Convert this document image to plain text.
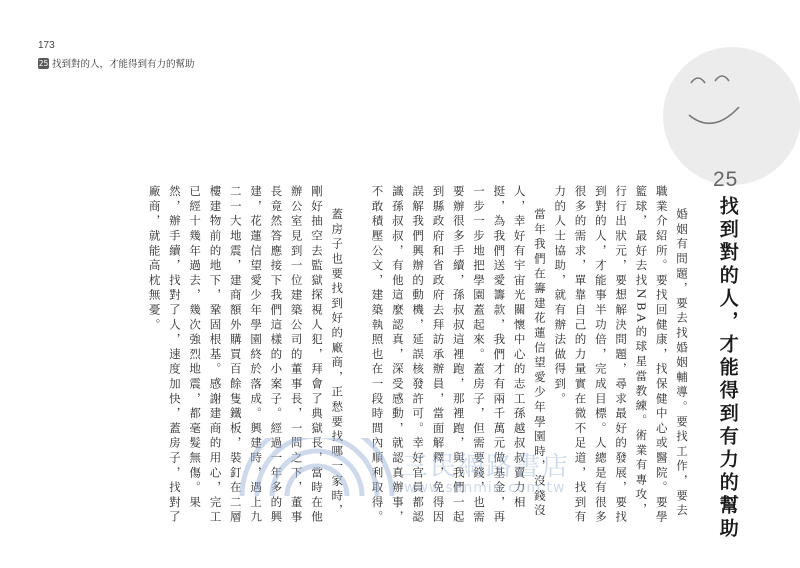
173
25 找到對的人，才能得到有力的幫助
25
找到對的人，才能得到有力的幫助

婚姻有問題，要去找婚姻輔導。要找工作，要去職業介紹所。要找回健康，找保健中心或醫院。要學籃球，最好去找NBA的球星當教練。術業有專攻，行行出狀元，要想解決問題，尋求最好的發展，要找到對的人，才能事半功倍，完成目標。人總是有很多很多的需求，單靠自己的力量實在微不足道，找到有力的人士協助，就有辦法做得到。

當年我們在籌建花蓮信望愛少年學園時，沒錢沒人，幸好有宇宙光關懷中心的志工孫越叔叔賣力相挺，為我們送愛籌款，我們才有兩千萬元做基金，再一步一步地把學園蓋起來。蓋房子，但需要錢，也需要辦很多手續，孫叔叔這裡跑，那裡跑，與我們一起到縣政府和省政府去拜訪承辦員，當面解釋，免得因誤解我們興辦的動機，延誤核發許可。幸好官員都認識孫叔叔，有他這麼認真，深受感動，就認真辦事，不敢積壓公文，建築執照也在一段時間內順利取得。

蓋房子也要找到好的廠商，正愁要找哪一家時，剛好抽空去監獄探視人犯，拜會了典獄長，當時在他辦公室見到一位建築公司的董事長，一問之下，董事長竟然答應接下我們這樣的小案子。經過一年多的興建，花蓮信望愛少年學園終於落成。興建時，遇上九二一大地震，建商額外購買百餘隻鐵板，裝釘在二層樓建物前的地下，鞏固根基。感謝建商的用心，完工已經十幾年過去，幾次強烈地震，都毫髮無傷。果然，辦手續，找對了人，速度加快，蓋房子，找對了廠商，就能高枕無憂。

三民網路書店
www.sanmin.com.tw
